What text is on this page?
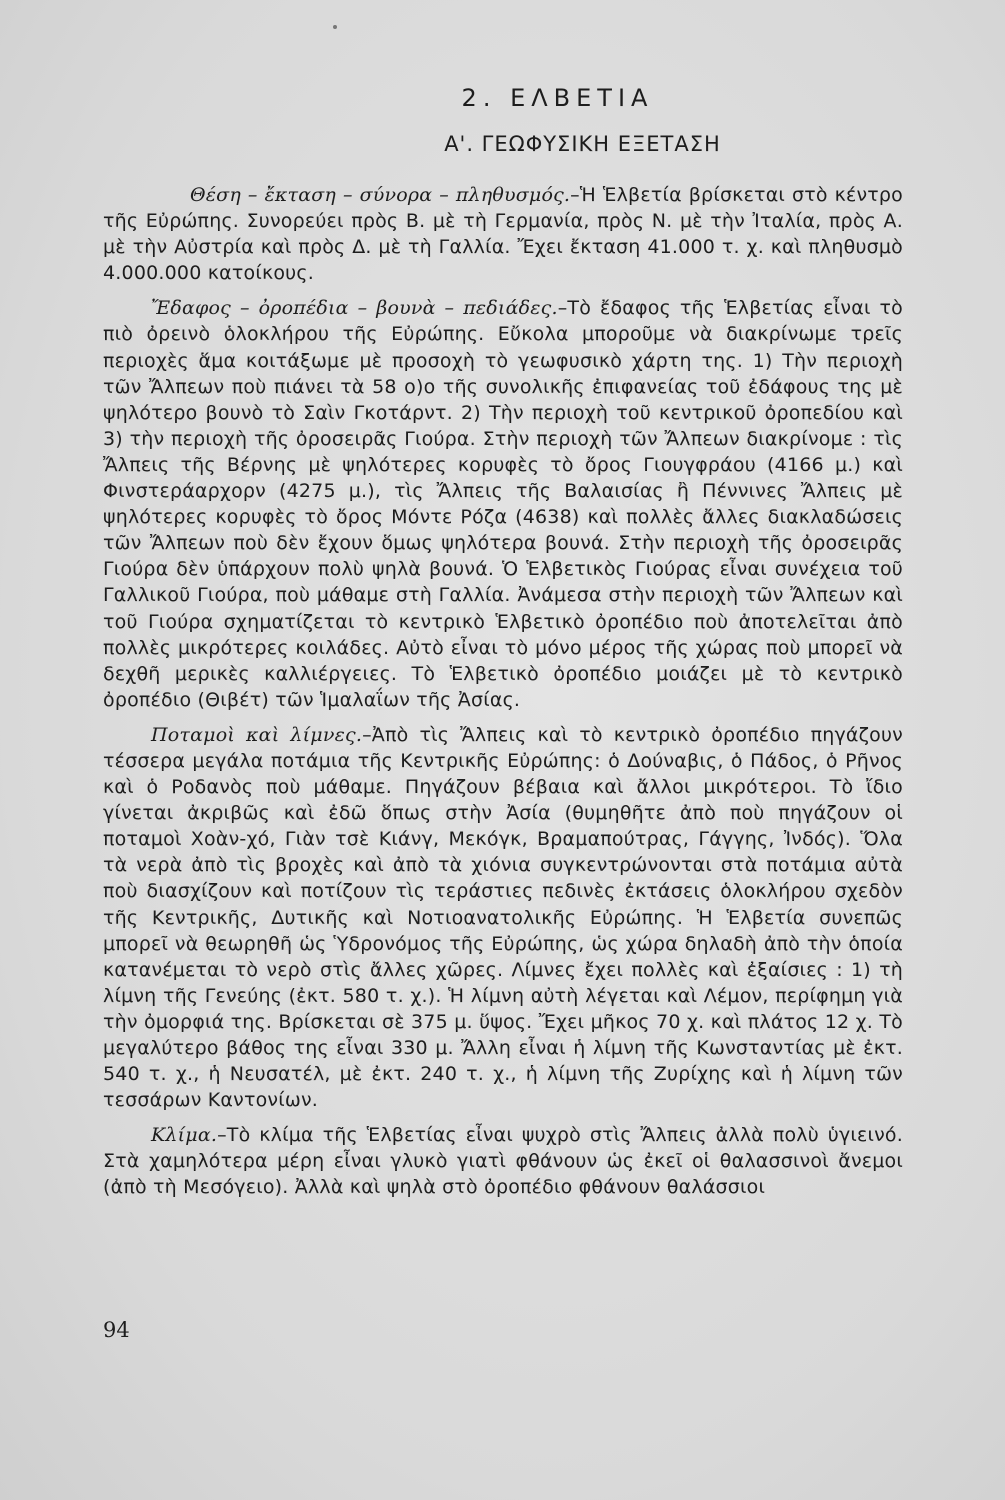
2. ΕΛΒΕΤΙΑ
Α'. ΓΕΩΦΥΣΙΚΗ ΕΞΕΤΑΣΗ

Θέση – ἔκταση – σύνορα – πληθυσμός.–Ἡ Ἑλβετία βρίσκεται στὸ κέντρο τῆς Εὐρώπης. Συνορεύει πρὸς Β. μὲ τὴ Γερμανία, πρὸς Ν. μὲ τὴν Ἰταλία, πρὸς Α. μὲ τὴν Αὐστρία καὶ πρὸς Δ. μὲ τὴ Γαλλία. Ἔχει ἔκταση 41.000 τ. χ. καὶ πληθυσμὸ 4.000.000 κατοίκους.

Ἔδαφος – ὀροπέδια – βουνὰ – πεδιάδες.–Τὸ ἔδαφος τῆς Ἑλβετίας εἶναι τὸ πιὸ ὀρεινὸ ὁλοκλήρου τῆς Εὐρώπης. Εὔκολα μποροῦμε νὰ διακρίνωμε τρεῖς περιοχὲς ἅμα κοιτάξωμε μὲ προσοχὴ τὸ γεωφυσικὸ χάρτη της. 1) Τὴν περιοχὴ τῶν Ἄλπεων ποὺ πιάνει τὰ 58 ο)ο τῆς συνολικῆς ἐπιφανείας τοῦ ἐδάφους της μὲ ψηλότερο βουνὸ τὸ Σαὶν Γκοτάρντ. 2) Τὴν περιοχὴ τοῦ κεντρικοῦ ὀροπεδίου καὶ 3) τὴν περιοχὴ τῆς ὀροσειρᾶς Γιούρα. Στὴν περιοχὴ τῶν Ἄλπεων διακρίνομε : τὶς Ἄλπεις τῆς Βέρνης μὲ ψηλότερες κορυφὲς τὸ ὄρος Γιουγφράου (4166 μ.) καὶ Φινστεράαρχορν (4275 μ.), τὶς Ἄλπεις τῆς Βαλαισίας ἢ Πέννινες Ἄλπεις μὲ ψηλότερες κορυφὲς τὸ ὄρος Μόντε Ρόζα (4638) καὶ πολλὲς ἄλλες διακλαδώσεις τῶν Ἄλπεων ποὺ δὲν ἔχουν ὅμως ψηλότερα βουνά. Στὴν περιοχὴ τῆς ὀροσειρᾶς Γιούρα δὲν ὑπάρχουν πολὺ ψηλὰ βουνά. Ὁ Ἑλβετικὸς Γιούρας εἶναι συνέχεια τοῦ Γαλλικοῦ Γιούρα, ποὺ μάθαμε στὴ Γαλλία. Ἀνάμεσα στὴν περιοχὴ τῶν Ἄλπεων καὶ τοῦ Γιούρα σχηματίζεται τὸ κεντρικὸ Ἑλβετικὸ ὀροπέδιο ποὺ ἀποτελεῖται ἀπὸ πολλὲς μικρότερες κοιλάδες. Αὐτὸ εἶναι τὸ μόνο μέρος τῆς χώρας ποὺ μπορεῖ νὰ δεχθῆ μερικὲς καλλιέργειες. Τὸ Ἑλβετικὸ ὀροπέδιο μοιάζει μὲ τὸ κεντρικὸ ὀροπέδιο (Θιβέτ) τῶν Ἱμαλαΐων τῆς Ἀσίας.

Ποταμοὶ καὶ λίμνες.–Ἀπὸ τὶς Ἄλπεις καὶ τὸ κεντρικὸ ὀροπέδιο πηγάζουν τέσσερα μεγάλα ποτάμια τῆς Κεντρικῆς Εὐρώπης: ὁ Δούναβις, ὁ Πάδος, ὁ Ρῆνος καὶ ὁ Ροδανὸς ποὺ μάθαμε. Πηγάζουν βέβαια καὶ ἄλλοι μικρότεροι. Τὸ ἴδιο γίνεται ἀκριβῶς καὶ ἐδῶ ὅπως στὴν Ἀσία (θυμηθῆτε ἀπὸ ποὺ πηγάζουν οἱ ποταμοὶ Χοὰν-χό, Γιὰν τσὲ Κιάνγ, Μεκόγκ, Βραμαπούτρας, Γάγγης, Ἰνδός). Ὅλα τὰ νερὰ ἀπὸ τὶς βροχὲς καὶ ἀπὸ τὰ χιόνια συγκεντρώνονται στὰ ποτάμια αὐτὰ ποὺ διασχίζουν καὶ ποτίζουν τὶς τεράστιες πεδινὲς ἐκτάσεις ὁλοκλήρου σχεδὸν τῆς Κεντρικῆς, Δυτικῆς καὶ Νοτιοανατολικῆς Εὐρώπης. Ἡ Ἑλβετία συνεπῶς μπορεῖ νὰ θεωρηθῆ ὡς Ὑδρονόμος τῆς Εὐρώπης, ὡς χώρα δηλαδὴ ἀπὸ τὴν ὁποία κατανέμεται τὸ νερὸ στὶς ἄλλες χῶρες. Λίμνες ἔχει πολλὲς καὶ ἐξαίσιες : 1) τὴ λίμνη τῆς Γενεύης (ἐκτ. 580 τ. χ.). Ἡ λίμνη αὐτὴ λέγεται καὶ Λέμον, περίφημη γιὰ τὴν ὀμορφιά της. Βρίσκεται σὲ 375 μ. ὕψος. Ἔχει μῆκος 70 χ. καὶ πλάτος 12 χ. Τὸ μεγαλύτερο βάθος της εἶναι 330 μ. Ἄλλη εἶναι ἡ λίμνη τῆς Κωνσταντίας μὲ ἐκτ. 540 τ. χ., ἡ Νευσατέλ, μὲ ἐκτ. 240 τ. χ., ἡ λίμνη τῆς Ζυρίχης καὶ ἡ λίμνη τῶν τεσσάρων Καντονίων.

Κλίμα.–Τὸ κλίμα τῆς Ἑλβετίας εἶναι ψυχρὸ στὶς Ἄλπεις ἀλλὰ πολὺ ὑγιεινό. Στὰ χαμηλότερα μέρη εἶναι γλυκὸ γιατὶ φθάνουν ὡς ἐκεῖ οἱ θαλασσινοὶ ἄνεμοι (ἀπὸ τὴ Μεσόγειο). Ἀλλὰ καὶ ψηλὰ στὸ ὀροπέδιο φθάνουν θαλάσσιοι

94
